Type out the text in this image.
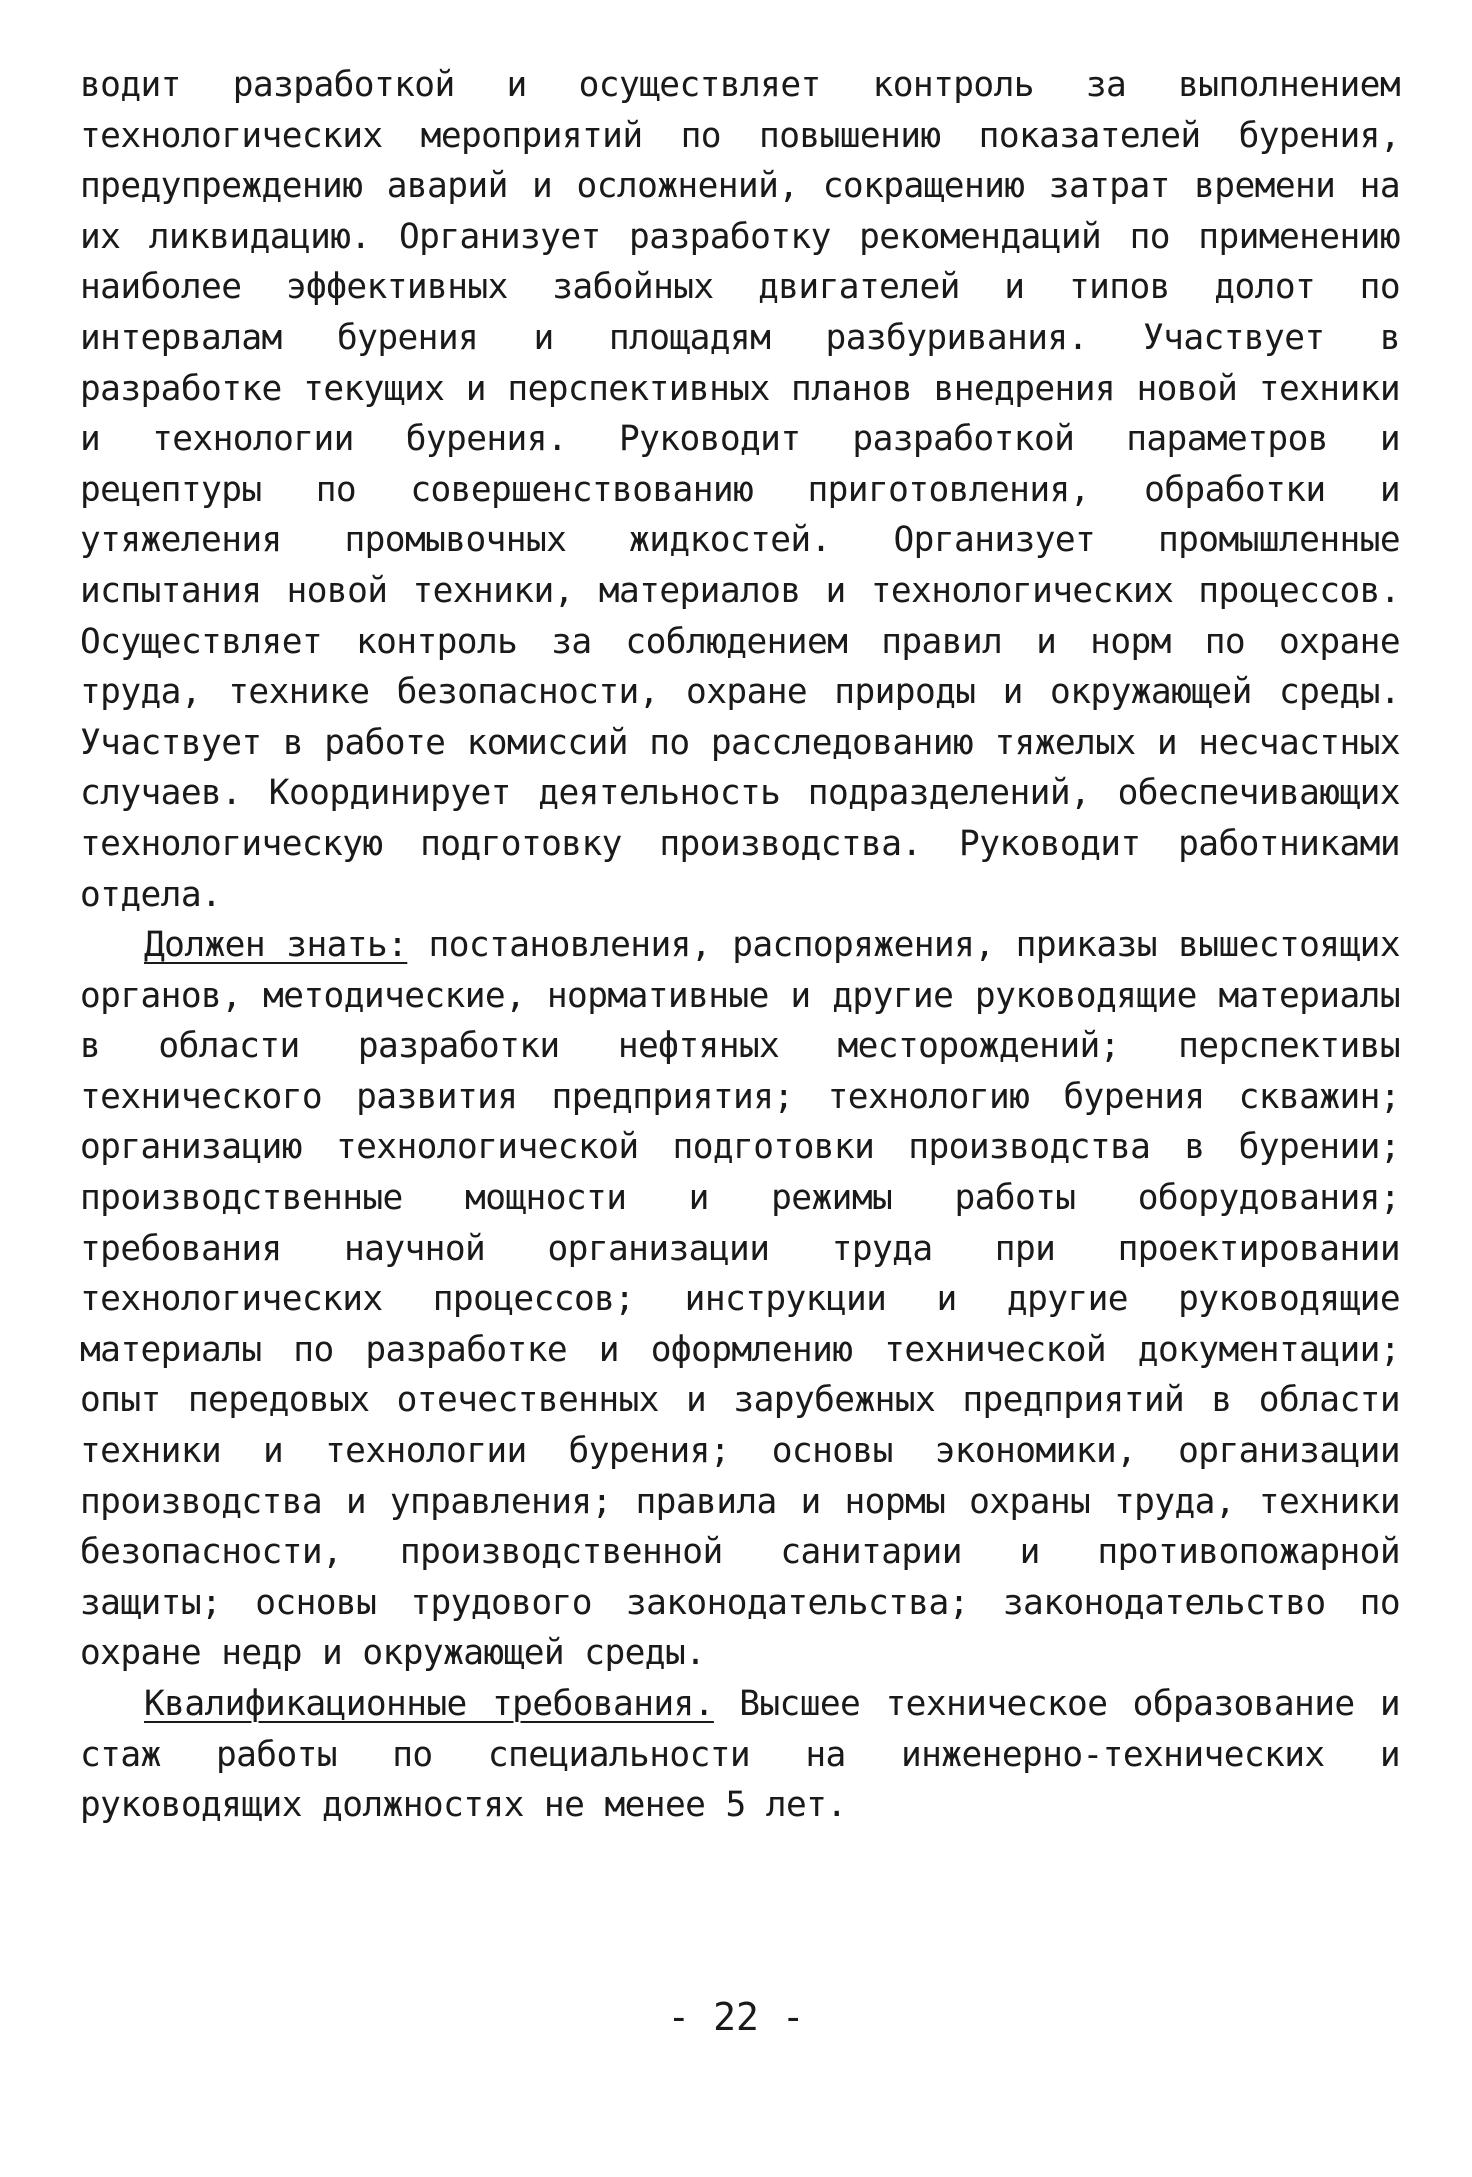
водит разработкой и осуществляет контроль за выполнением технологических мероприятий по повышению показателей бурения, предупреждению аварий и осложнений, сокращению затрат времени на их ликвидацию. Организует разработку рекомендаций по применению наиболее эффективных забойных двигателей и типов долот по интервалам бурения и площадям разбуривания. Участвует в разработке текущих и перспективных планов внедрения новой техники и технологии бурения. Руководит разработкой параметров и рецептуры по совершенствованию приготовления, обработки и утяжеления промывочных жидкостей. Организует промышленные испытания новой техники, материалов и технологических процессов. Осуществляет контроль за соблюдением правил и норм по охране труда, технике безопасности, охране природы и окружающей среды. Участвует в работе комиссий по расследованию тяжелых и несчастных случаев. Координирует деятельность подразделений, обеспечивающих технологическую подготовку производства. Руководит работниками отдела.

Должен знать: постановления, распоряжения, приказы вышестоящих органов, методические, нормативные и другие руководящие материалы в области разработки нефтяных месторождений; перспективы технического развития предприятия; технологию бурения скважин; организацию технологической подготовки производства в бурении; производственные мощности и режимы работы оборудования; требования научной организации труда при проектировании технологических процессов; инструкции и другие руководящие материалы по разработке и оформлению технической документации; опыт передовых отечественных и зарубежных предприятий в области техники и технологии бурения; основы экономики, организации производства и управления; правила и нормы охраны труда, техники безопасности, производственной санитарии и противопожарной защиты; основы трудового законодательства; законодательство по охране недр и окружающей среды.

Квалификационные требования. Высшее техническое образование и стаж работы по специальности на инженерно-технических и руководящих должностях не менее 5 лет.

- 22 -
